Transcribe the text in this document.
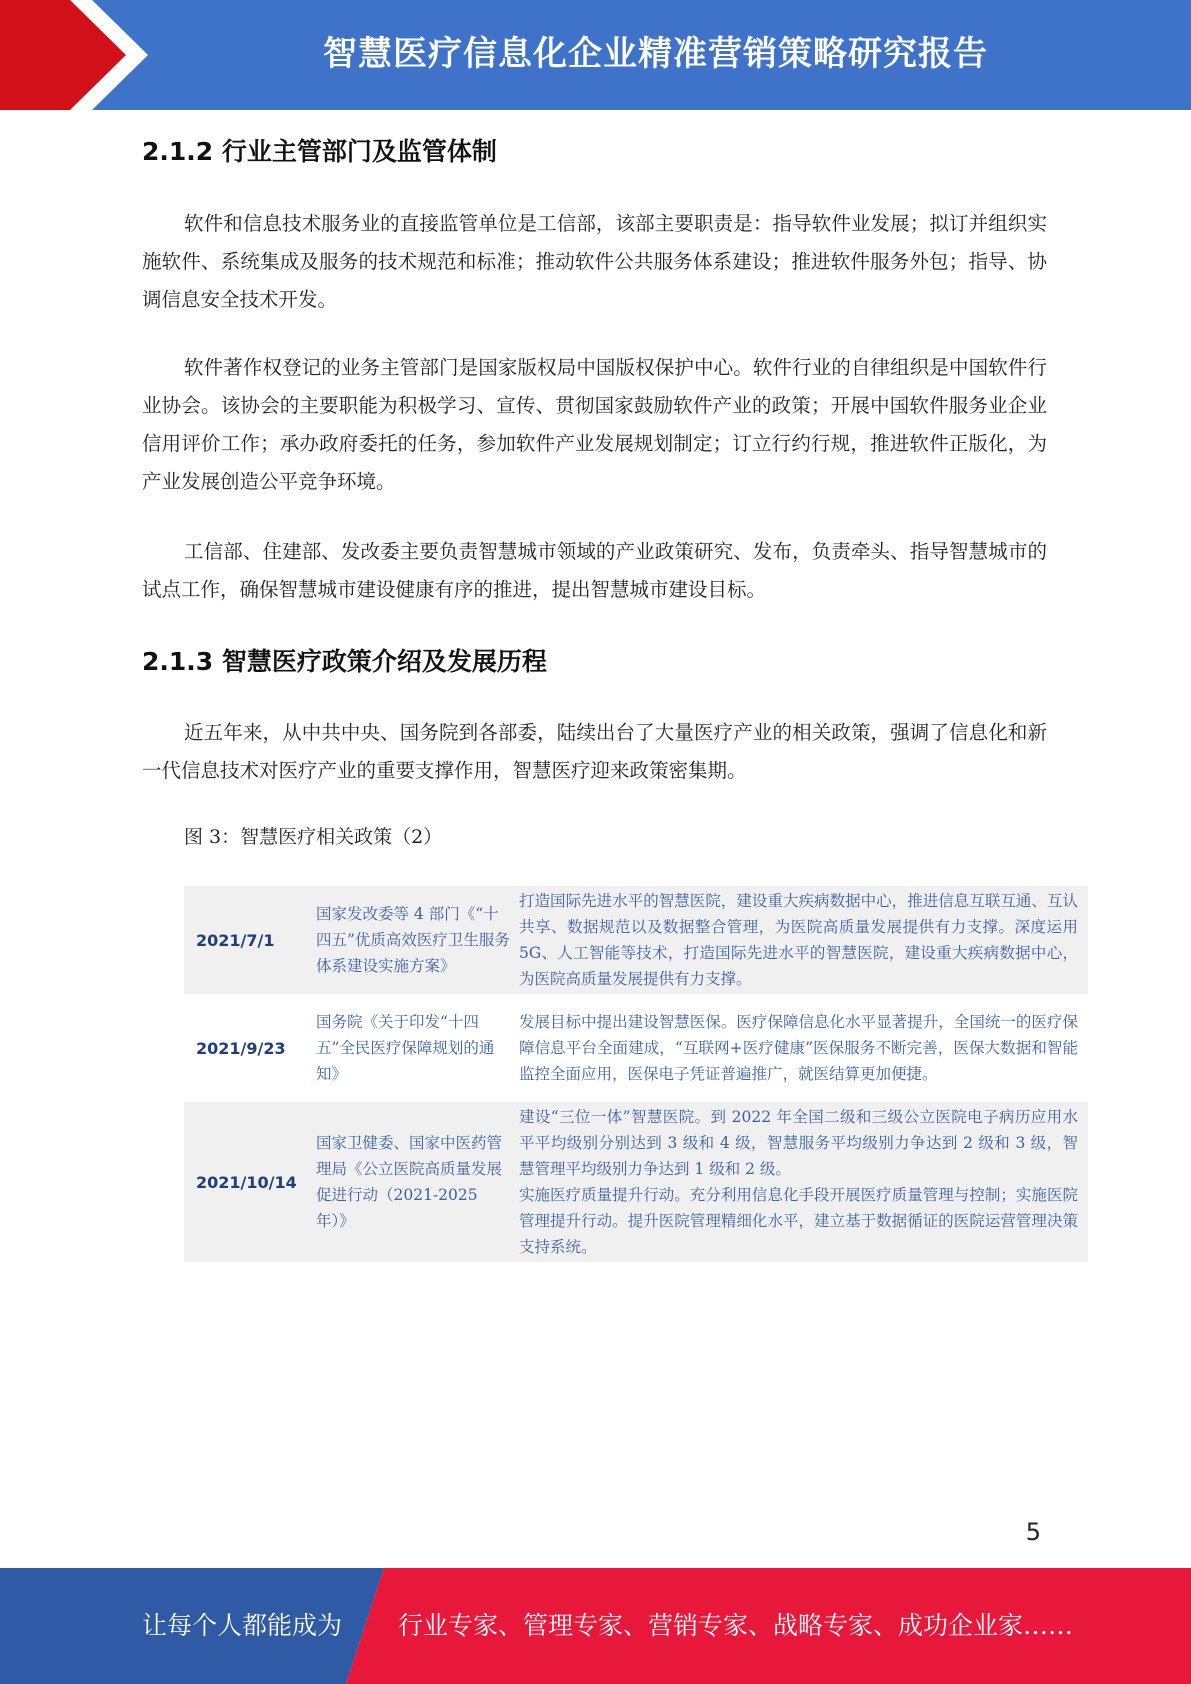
智慧医疗信息化企业精准营销策略研究报告
2.1.2 行业主管部门及监管体制
软件和信息技术服务业的直接监管单位是工信部，该部主要职责是：指导软件业发展；拟订并组织实施软件、系统集成及服务的技术规范和标准；推动软件公共服务体系建设；推进软件服务外包；指导、协调信息安全技术开发。
软件著作权登记的业务主管部门是国家版权局中国版权保护中心。软件行业的自律组织是中国软件行业协会。该协会的主要职能为积极学习、宣传、贯彻国家鼓励软件产业的政策；开展中国软件服务业企业信用评价工作；承办政府委托的任务，参加软件产业发展规划制定；订立行约行规，推进软件正版化，为产业发展创造公平竞争环境。
工信部、住建部、发改委主要负责智慧城市领域的产业政策研究、发布，负责牵头、指导智慧城市的试点工作，确保智慧城市建设健康有序的推进，提出智慧城市建设目标。
2.1.3 智慧医疗政策介绍及发展历程
近五年来，从中共中央、国务院到各部委，陆续出台了大量医疗产业的相关政策，强调了信息化和新一代信息技术对医疗产业的重要支撑作用，智慧医疗迎来政策密集期。
图 3：智慧医疗相关政策（2）
2021/7/1	国家发改委等 4 部门《“十四五”优质高效医疗卫生服务体系建设实施方案》	打造国际先进水平的智慧医院，建设重大疾病数据中心，推进信息互联互通、互认共享、数据规范以及数据整合管理，为医院高质量发展提供有力支撑。深度运用 5G、人工智能等技术，打造国际先进水平的智慧医院，建设重大疾病数据中心，为医院高质量发展提供有力支撑。
2021/9/23	国务院《关于印发“十四五”全民医疗保障规划的通知》	发展目标中提出建设智慧医保。医疗保障信息化水平显著提升，全国统一的医疗保障信息平台全面建成，“互联网+医疗健康”医保服务不断完善，医保大数据和智能监控全面应用，医保电子凭证普遍推广，就医结算更加便捷。
2021/10/14	国家卫健委、国家中医药管理局《公立医院高质量发展促进行动（2021-2025 年）》	建设“三位一体”智慧医院。到 2022 年全国二级和三级公立医院电子病历应用水平平均级别分别达到 3 级和 4 级，智慧服务平均级别力争达到 2 级和 3 级，智慧管理平均级别力争达到 1 级和 2 级。
实施医疗质量提升行动。充分利用信息化手段开展医疗质量管理与控制；实施医院管理提升行动。提升医院管理精细化水平，建立基于数据循证的医院运营管理决策支持系统。
5
让每个人都能成为 行业专家、管理专家、营销专家、战略专家、成功企业家……
